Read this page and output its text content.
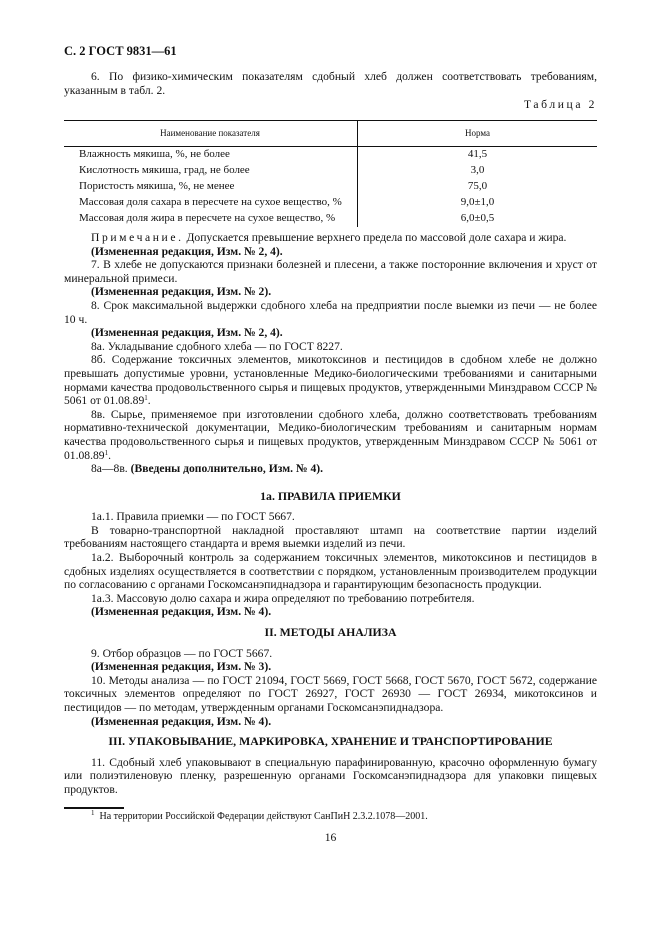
С. 2 ГОСТ 9831—61

6. По физико-химическим показателям сдобный хлеб должен соответствовать требованиям, указанным в табл. 2.

Таблица 2

Наименование показателя	Норма
Влажность мякиша, %, не более	41,5
Кислотность мякиша, град, не более	3,0
Пористость мякиша, %, не менее	75,0
Массовая доля сахара в пересчете на сухое вещество, %	9,0±1,0
Массовая доля жира в пересчете на сухое вещество, %	6,0±0,5

Примечание. Допускается превышение верхнего предела по массовой доле сахара и жира.

(Измененная редакция, Изм. № 2, 4).

7. В хлебе не допускаются признаки болезней и плесени, а также посторонние включения и хруст от минеральной примеси.

(Измененная редакция, Изм. № 2).

8. Срок максимальной выдержки сдобного хлеба на предприятии после выемки из печи — не более 10 ч.

(Измененная редакция, Изм. № 2, 4).

8а. Укладывание сдобного хлеба — по ГОСТ 8227.

8б. Содержание токсичных элементов, микотоксинов и пестицидов в сдобном хлебе не должно превышать допустимые уровни, установленные Медико-биологическими требованиями и санитарными нормами качества продовольственного сырья и пищевых продуктов, утвержденными Минздравом СССР № 5061 от 01.08.89$^1$.

8в. Сырье, применяемое при изготовлении сдобного хлеба, должно соответствовать требованиям нормативно-технической документации, Медико-биологическим требованиям и санитарным нормам качества продовольственного сырья и пищевых продуктов, утвержденным Минздравом СССР № 5061 от 01.08.89$^1$.

8а—8в. (Введены дополнительно, Изм. № 4).

1а. ПРАВИЛА ПРИЕМКИ

1а.1. Правила приемки — по ГОСТ 5667.

В товарно-транспортной накладной проставляют штамп на соответствие партии изделий требованиям настоящего стандарта и время выемки изделий из печи.

1а.2. Выборочный контроль за содержанием токсичных элементов, микотоксинов и пестицидов в сдобных изделиях осуществляется в соответствии с порядком, установленным производителем продукции по согласованию с органами Госкомсанэпиднадзора и гарантирующим безопасность продукции.

1а.3. Массовую долю сахара и жира определяют по требованию потребителя.

(Измененная редакция, Изм. № 4).

II. МЕТОДЫ АНАЛИЗА

9. Отбор образцов — по ГОСТ 5667.

(Измененная редакция, Изм. № 3).

10. Методы анализа — по ГОСТ 21094, ГОСТ 5669, ГОСТ 5668, ГОСТ 5670, ГОСТ 5672, содержание токсичных элементов определяют по ГОСТ 26927, ГОСТ 26930 — ГОСТ 26934, микотоксинов и пестицидов — по методам, утвержденным органами Госкомсанэпиднадзора.

(Измененная редакция, Изм. № 4).

III. УПАКОВЫВАНИЕ, МАРКИРОВКА, ХРАНЕНИЕ И ТРАНСПОРТИРОВАНИЕ

11. Сдобный хлеб упаковывают в специальную парафинированную, красочно оформленную бумагу или полиэтиленовую пленку, разрешенную органами Госкомсанэпиднадзора для упаковки пищевых продуктов.

$^1$ На территории Российской Федерации действуют СанПиН 2.3.2.1078—2001.
16
